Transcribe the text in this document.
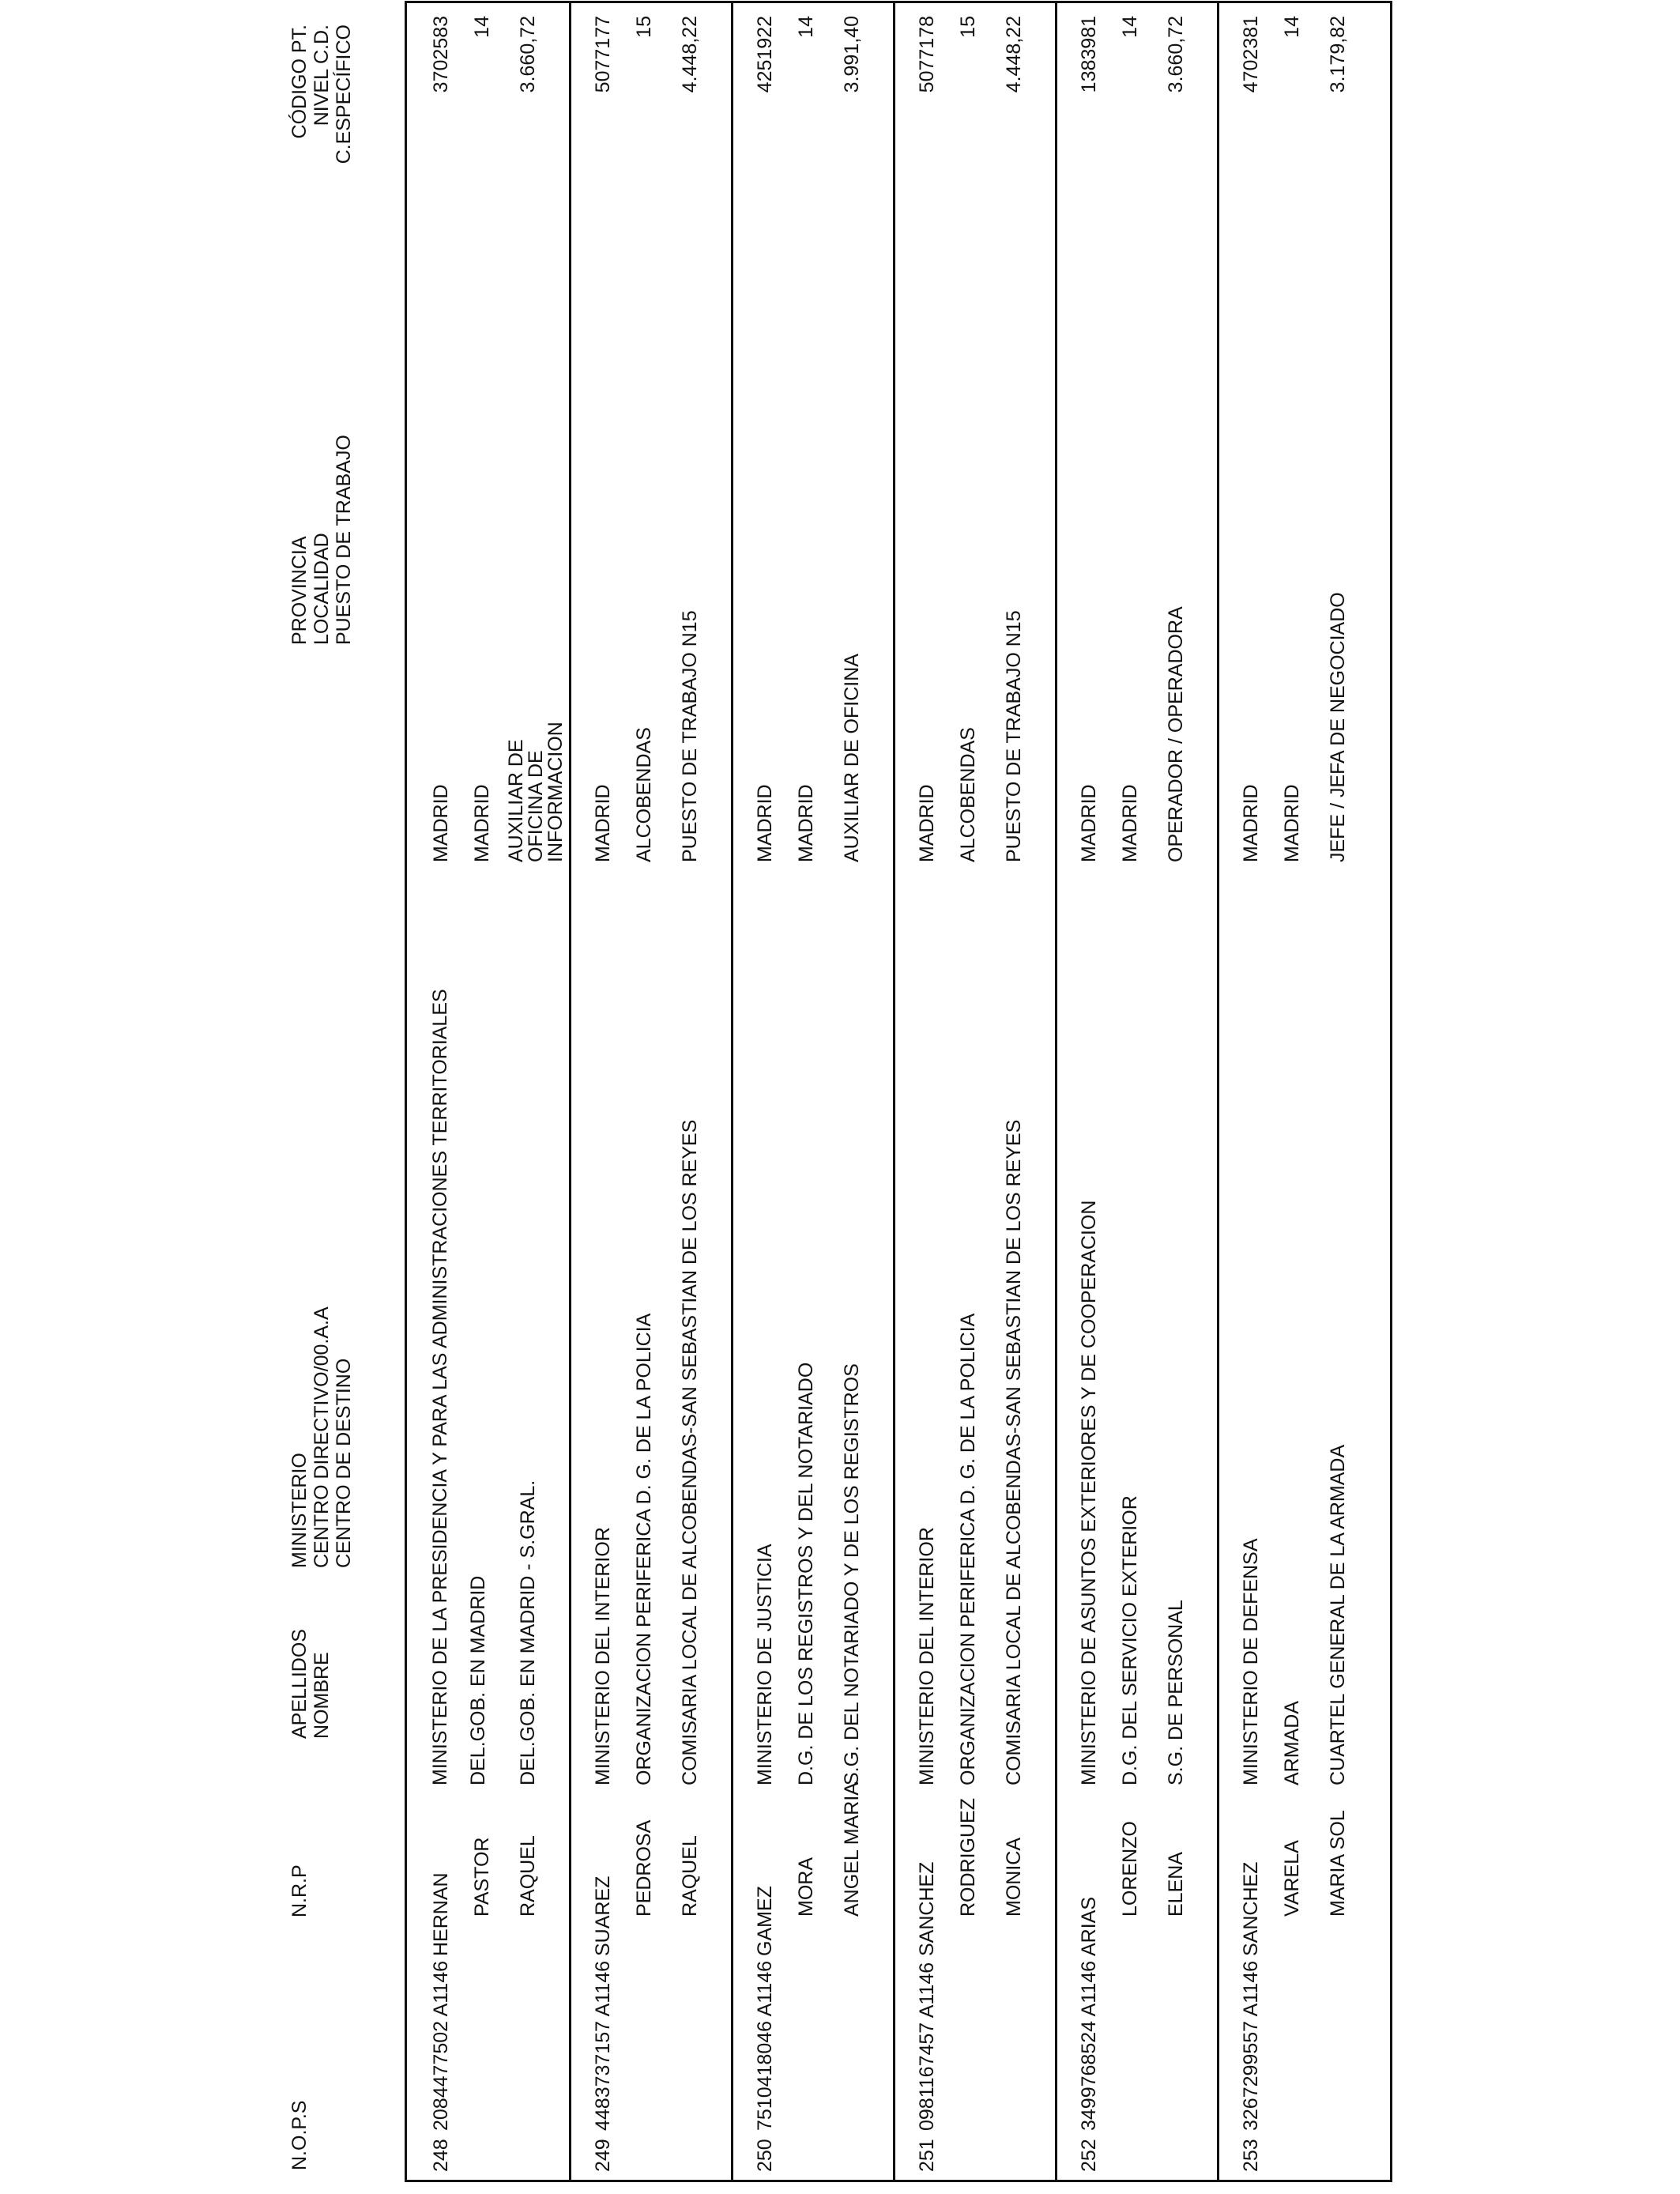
N.O.P.S
N.R.P
APELLIDOS NOMBRE
MINISTERIO CENTRO DIRECTIVO/00.A.A CENTRO DE DESTINO
PROVINCIA LOCALIDAD PUESTO DE TRABAJO
CÓDIGO PT. NIVEL C.D. C.ESPECÍFICO
248
2084477502 A1146
HERNAN PASTOR RAQUEL
MADRID MADRID
MINISTERIO DE LA PRESIDENCIA Y PARA LAS ADMINISTRACIONES TERRITORIALES DEL.GOB. EN MADRID DEL.GOB. EN MADRID - S.GRAL.
AUXILIAR DE OFICINA DE INFORMACION
3702583 14 3.660,72
249
4483737157 A1146
SUAREZ PEDROSA RAQUEL
MADRID ALCOBENDAS
MINISTERIO DEL INTERIOR ORGANIZACION PERIFERICA D. G. DE LA POLICIA COMISARIA LOCAL DE ALCOBENDAS-SAN SEBASTIAN DE LOS REYES
PUESTO DE TRABAJO N15
5077177 15 4.448,22
250
7510418046 A1146
GAMEZ MORA ANGEL MARIA
MADRID MADRID
MINISTERIO DE JUSTICIA D.G. DE LOS REGISTROS Y DEL NOTARIADO S.G. DEL NOTARIADO Y DE LOS REGISTROS
AUXILIAR DE OFICINA
4251922 14 3.991,40
251
0981167457 A1146
SANCHEZ RODRIGUEZ MONICA
MADRID ALCOBENDAS
MINISTERIO DEL INTERIOR ORGANIZACION PERIFERICA D. G. DE LA POLICIA COMISARIA LOCAL DE ALCOBENDAS-SAN SEBASTIAN DE LOS REYES
PUESTO DE TRABAJO N15
5077178 15 4.448,22
252
3499768524 A1146
ARIAS
LORENZO ELENA
MADRID MADRID
MINISTERIO DE ASUNTOS EXTERIORES Y DE COOPERACION D.G. DEL SERVICIO EXTERIOR S.G. DE PERSONAL
OPERADOR / OPERADORA
1383981 14 3.660,72
253
3267299557 A1146
SANCHEZ VARELA MARIA SOL
MADRID MADRID
MINISTERIO DE DEFENSA ARMADA CUARTEL GENERAL DE LA ARMADA
JEFE / JEFA DE NEGOCIADO
4702381 14 3.179,82
